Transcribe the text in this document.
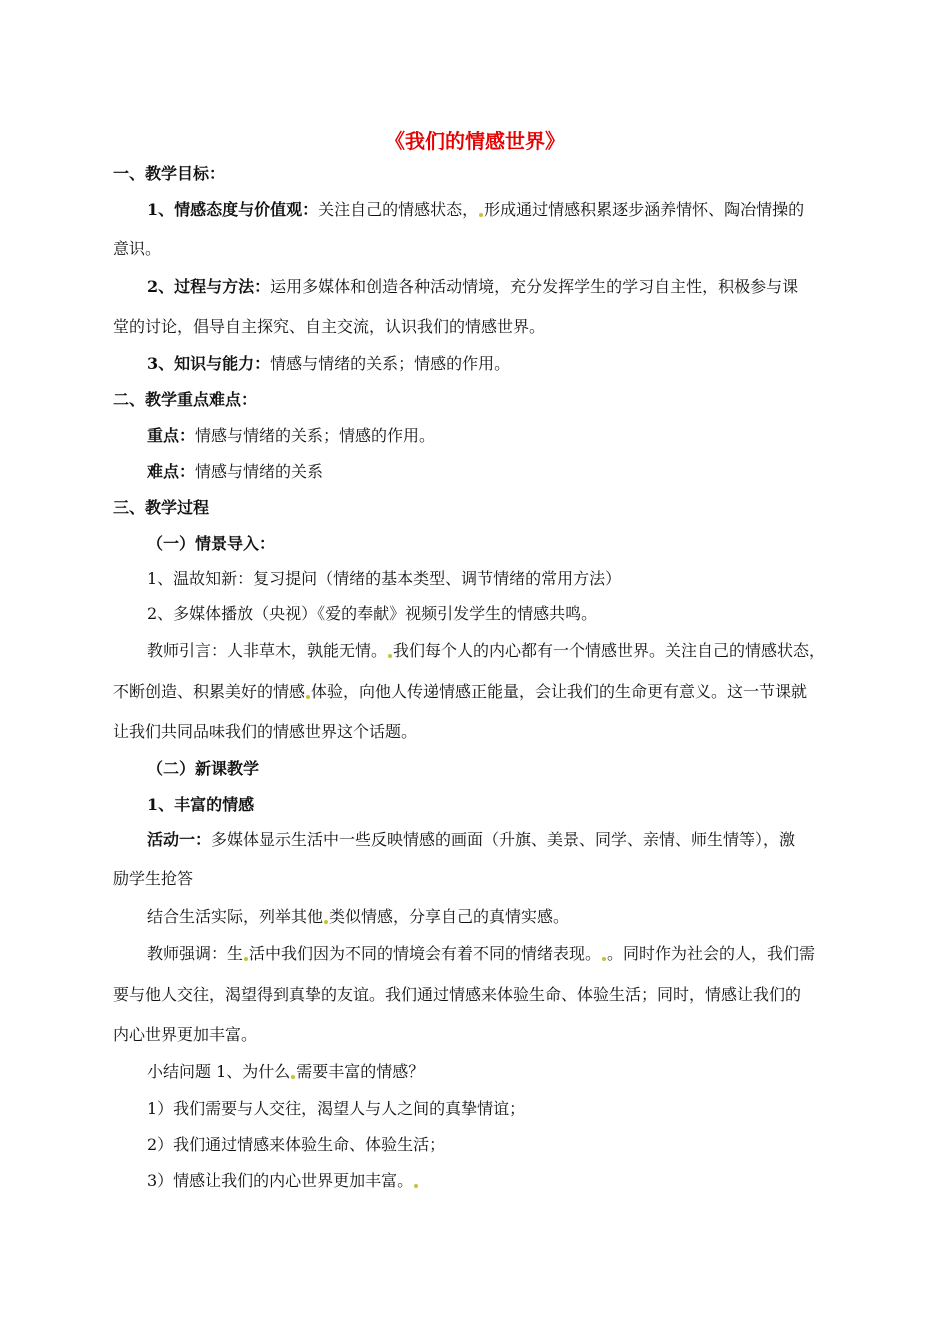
《我们的情感世界》
一、教学目标：
1、情感态度与价值观：关注自己的情感状态， 形成通过情感积累逐步涵养情怀、陶冶情操的
意识。
2、过程与方法：运用多媒体和创造各种活动情境，充分发挥学生的学习自主性，积极参与课
堂的讨论，倡导自主探究、自主交流，认识我们的情感世界。
3、知识与能力：情感与情绪的关系；情感的作用。
二、教学重点难点：
重点：情感与情绪的关系；情感的作用。
难点：情感与情绪的关系
三、教学过程
（一）情景导入：
1、温故知新：复习提问（情绪的基本类型、调节情绪的常用方法）
2、多媒体播放（央视）《爱的奉献》视频引发学生的情感共鸣。
教师引言：人非草木，孰能无情。 我们每个人的内心都有一个情感世界。关注自己的情感状态，
不断创造、积累美好的情感 体验，向他人传递情感正能量，会让我们的生命更有意义。这一节课就
让我们共同品味我们的情感世界这个话题。
（二）新课教学
1、丰富的情感
活动一：多媒体显示生活中一些反映情感的画面（升旗、美景、同学、亲情、师生情等），激
励学生抢答
结合生活实际，列举其他 类似情感，分享自己的真情实感。
教师强调：生 活中我们因为不同的情境会有着不同的情绪表现。 。同时作为社会的人，我们需
要与他人交往，渴望得到真挚的友谊。我们通过情感来体验生命、体验生活；同时，情感让我们的
内心世界更加丰富。
小结问题 1、为什么 需要丰富的情感？
1）我们需要与人交往，渴望人与人之间的真挚情谊；
2）我们通过情感来体验生命、体验生活；
3）情感让我们的内心世界更加丰富。
